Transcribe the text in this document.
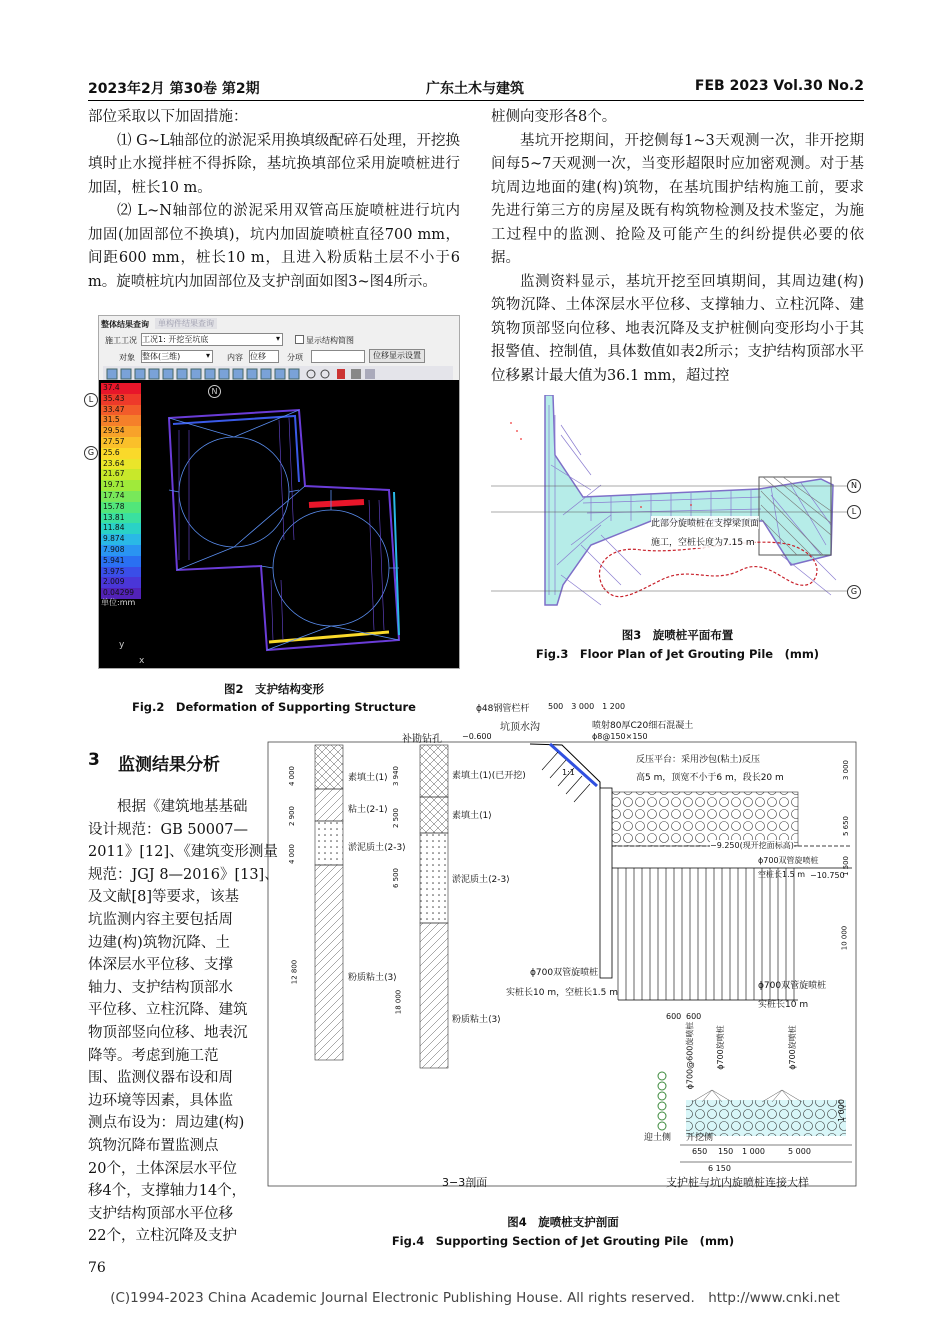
2023年2月 第30卷 第2期	广东土木与建筑	FEB 2023 Vol.30 No.2

部位采取以下加固措施：

⑴ G~L轴部位的淤泥采用换填级配碎石处理，开挖换填时止水搅拌桩不得拆除，基坑换填部位采用旋喷桩进行加固，桩长10 m。

⑵ L~N轴部位的淤泥采用双管高压旋喷桩进行坑内加固(加固部位不换填)，坑内加固旋喷桩直径700 mm，间距600 mm，桩长10 m，且进入粉质粘土层不小于6 m。旋喷桩坑内加固部位及支护剖面如图3~图4所示。

桩侧向变形各8个。

基坑开挖期间，开挖侧每1~3天观测一次，非开挖期间每5~7天观测一次，当变形超限时应加密观测。对于基坑周边地面的建(构)筑物，在基坑围护结构施工前，要求先进行第三方的房屋及既有构筑物检测及技术鉴定，为施工过程中的监测、抢险及可能产生的纠纷提供必要的依据。

监测资料显示，基坑开挖至回填期间，其周边建(构)筑物沉降、土体深层水平位移、支撑轴力、立柱沉降、建筑物顶部竖向位移、地表沉降及支护桩侧向变形均小于其报警值、控制值，具体数值如表2所示；支护结构顶部水平位移累计最大值为36.1 mm，超过控

整体结果查询	单构件结果查询
施工工况 工况1: 开挖至坑底	▾	显示结构简图
对象 整体(三维)	▾ 内容 位移	分项	位移显示设置
37.4
35.43
33.47
31.5
29.54
27.57
25.6
23.64
21.67
19.71
17.74
15.78
13.81
11.84
9.874
7.908
5.941
3.975
2.009
0.04299
单位:mm
y
x
N
L
G
图2　支护结构变形
Fig.2　Deformation of Supporting Structure
N
L
G
此部分旋喷桩在支撑梁顶面
施工，空桩长度为7.15 m
图3　旋喷桩平面布置
Fig.3　Floor Plan of Jet Grouting Pile　(mm)
3 监测结果分析
根据《建筑地基基础
设计规范：GB 50007—
2011》[12]、《建筑变形测量
规范：JGJ 8—2016》[13]、
及文献[8]等要求，该基
坑监测内容主要包括周
边建(构)筑物沉降、土
体深层水平位移、支撑
轴力、支护结构顶部水
平位移、立柱沉降、建筑
物顶部竖向位移、地表沉
降等。考虑到施工范
围、监测仪器布设和周
边环境等因素，具体监
测点布设为：周边建(构)
筑物沉降布置监测点
20个，土体深层水平位
移4个，支撑轴力14个，
支护结构顶部水平位移
22个，立柱沉降及支护
ϕ48钢管栏杆 500　3 000　1 200
坑顶水沟	喷射80厚C20细石混凝土
ϕ8@150×150
补勘钻孔	−0.600
1:1
反压平台：采用沙包(粘土)反压
高5 m，顶宽不小于6 m，段长20 m
−9.250(现开挖面标高)
ϕ700双管旋喷桩
空桩长1.5 m −10.750
素填土⟨1⟩
粘土⟨2-1⟩
淤泥质土⟨2-3⟩
粉质粘土⟨3⟩
素填土⟨1⟩(已开挖)
素填土⟨1⟩
淤泥质土⟨2-3⟩
粉质粘土⟨3⟩
4 000
2 900
4 000
12 800
3 940
2 500
6 500
18 000
3 000
5 650
1 500
10 000
ϕ700双管旋喷桩
实桩长10 m，空桩长1.5 m
ϕ700双管旋喷桩
实桩长10 m
600 600
ϕ700@600旋喷桩	ϕ700旋喷桩	ϕ700旋喷桩
1 000
迎土侧 开挖侧
650 150 1 000	5 000
6 150
3−3剖面	支护桩与坑内旋喷桩连接大样
图4　旋喷桩支护剖面
Fig.4　Supporting Section of Jet Grouting Pile　(mm)
76
(C)1994-2023 China Academic Journal Electronic Publishing House. All rights reserved.　http://www.cnki.net
